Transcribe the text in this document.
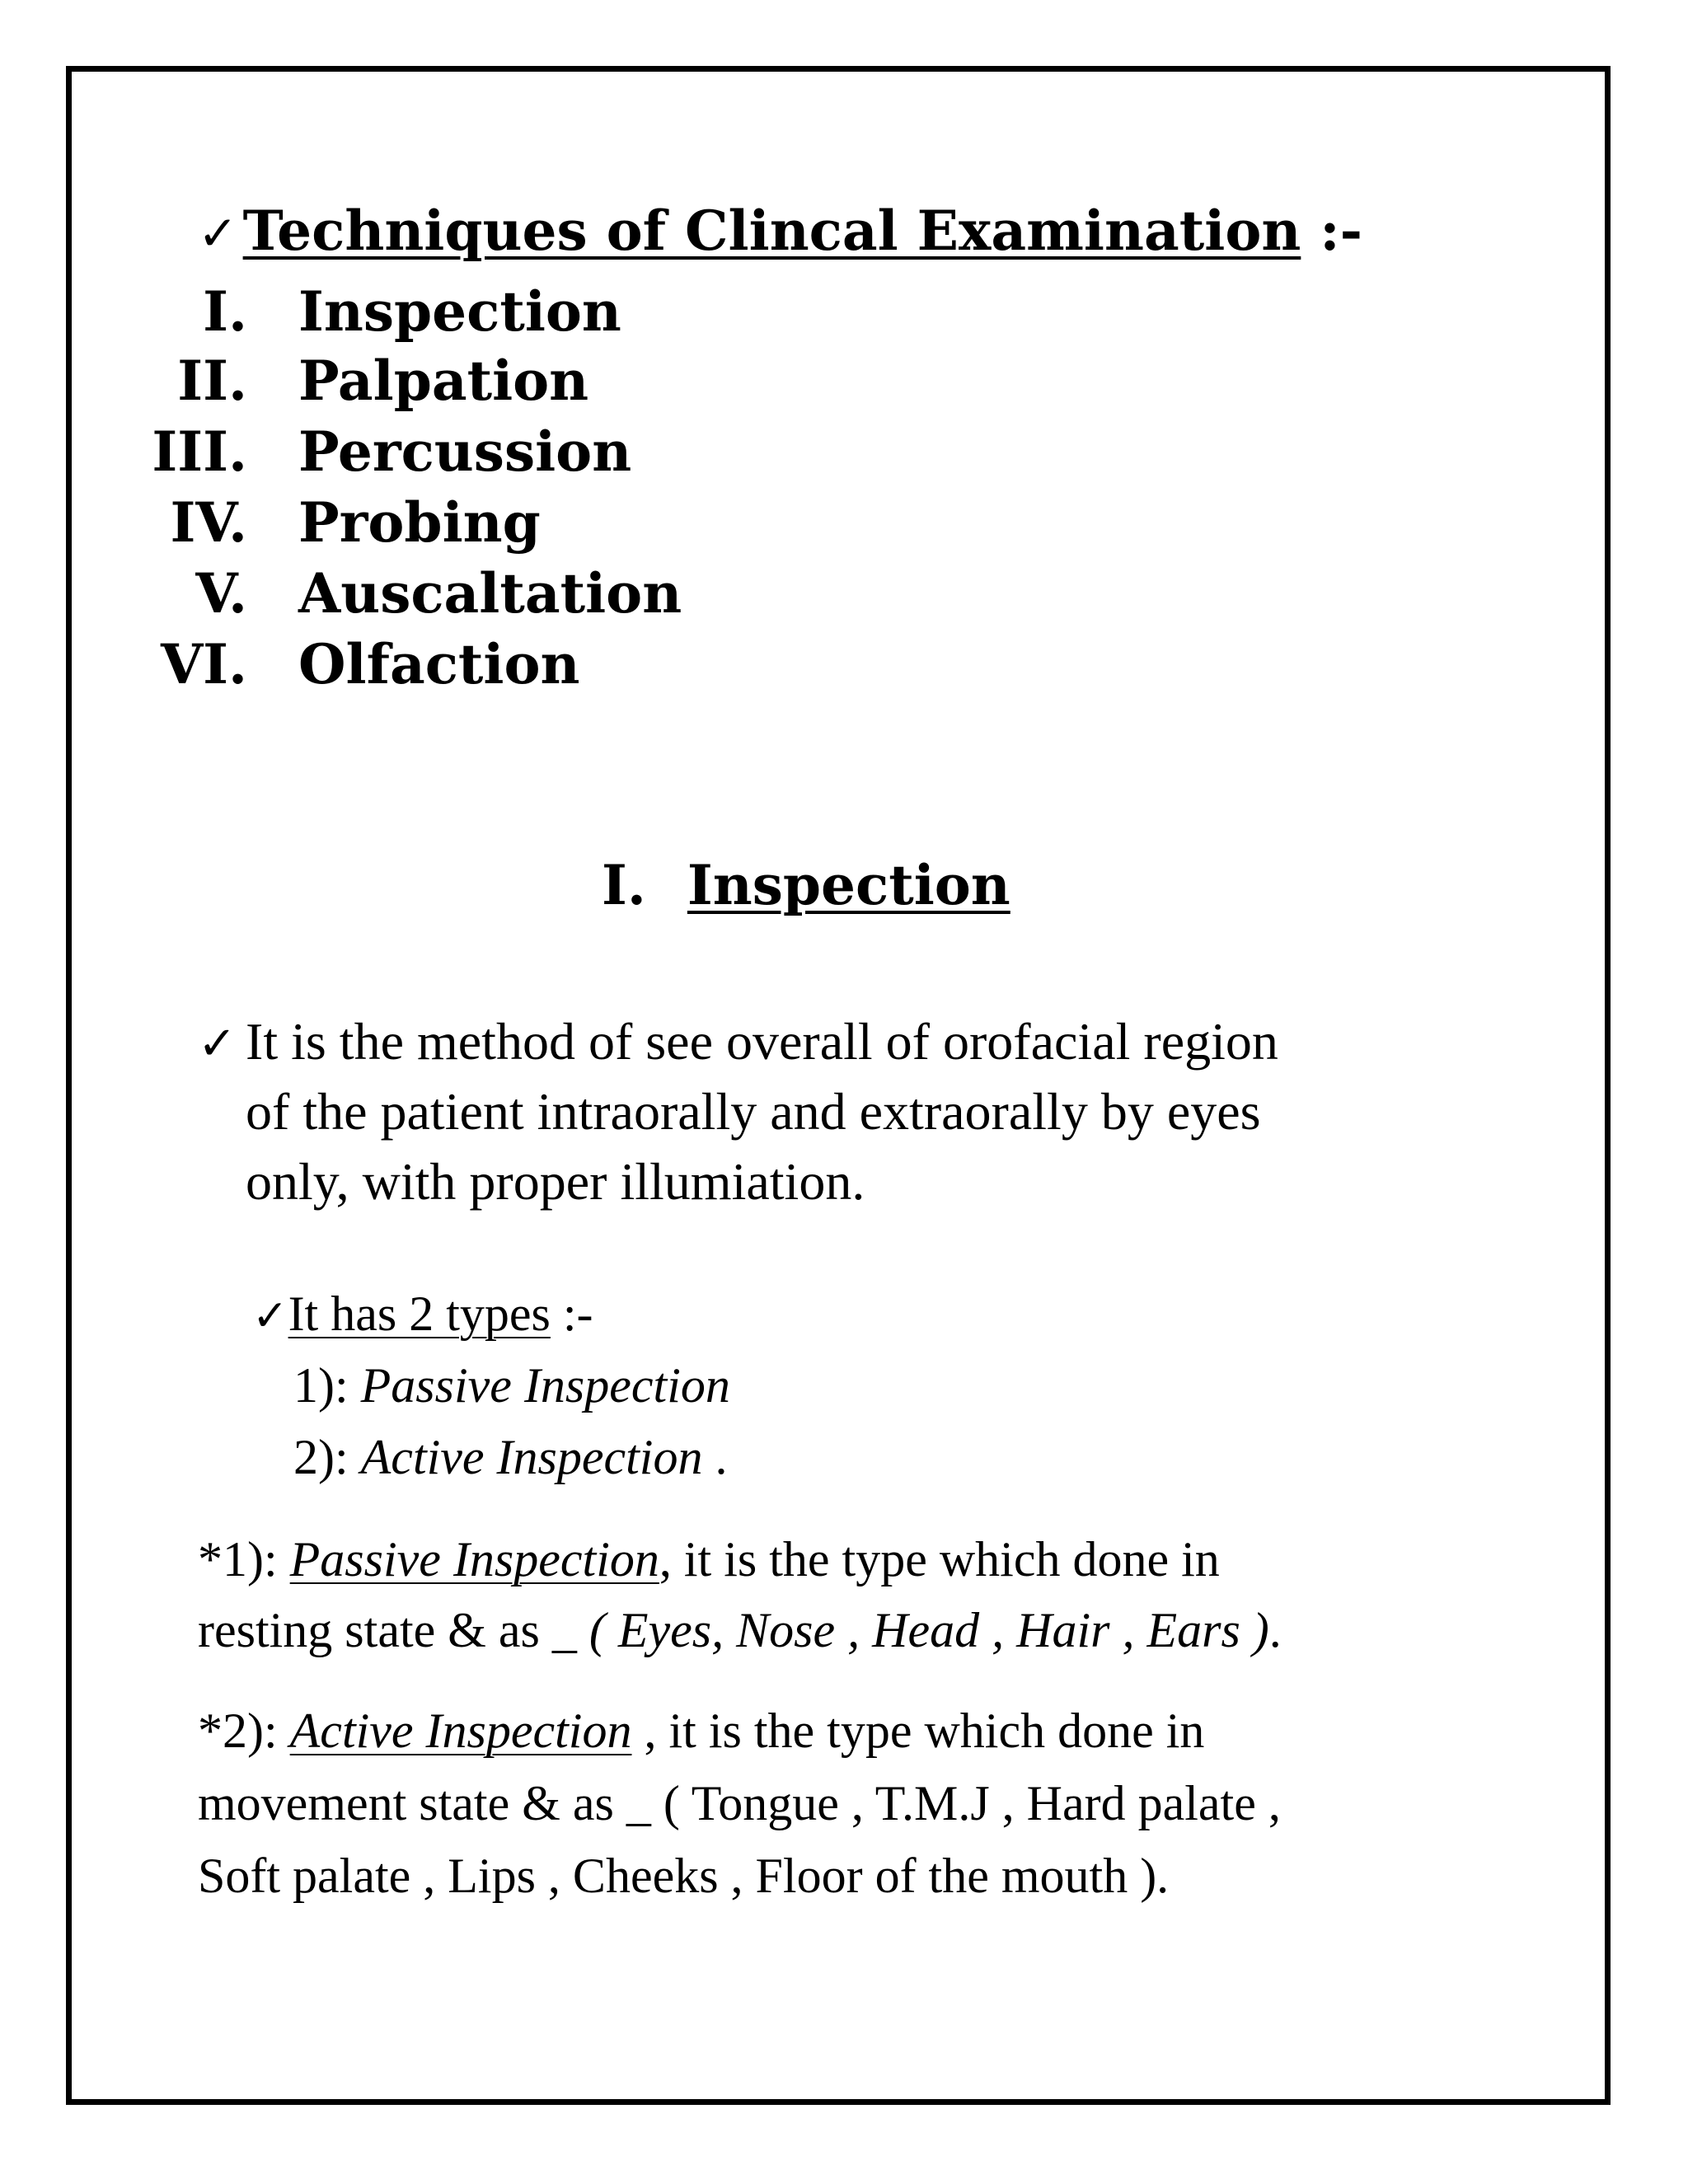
✓Techniques of Clincal Examination :-
I. Inspection
II. Palpation
III. Percussion
IV. Probing
V. Auscaltation
VI. Olfaction
I. Inspection
✓ It is the method of see overall of orofacial region
of the patient intraorally and extraorally by eyes
only, with proper illumiation.
✓It has 2 types :-
1): Passive Inspection
2): Active Inspection .
*1): Passive Inspection, it is the type which done in
resting state & as _ ( Eyes, Nose , Head , Hair , Ears ).
*2): Active Inspection , it is the type which done in
movement state & as _ ( Tongue , T.M.J , Hard palate ,
Soft palate , Lips , Cheeks , Floor of the mouth ).
